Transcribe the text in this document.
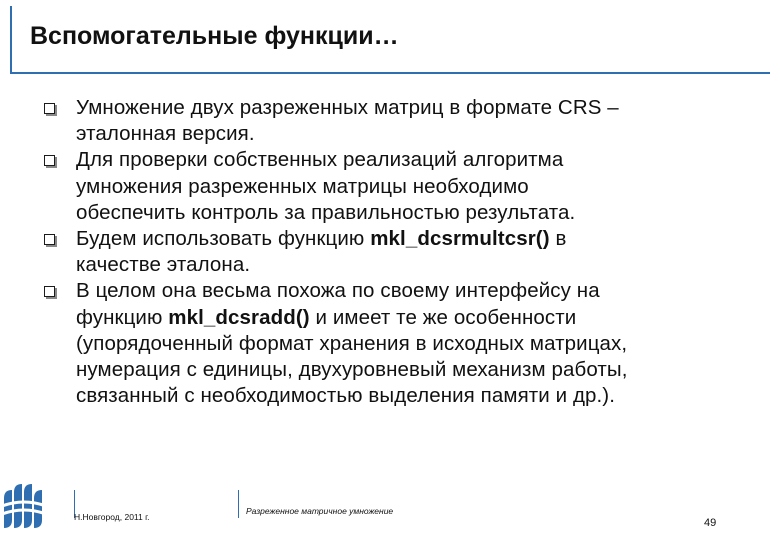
Вспомогательные функции…
Умножение двух разреженных матриц в формате CRS –
эталонная версия.
Для проверки собственных реализаций алгоритма
умножения разреженных матрицы необходимо
обеспечить контроль за правильностью результата.
Будем использовать функцию mkl_dcsrmultcsr() в
качестве эталона.
В целом она весьма похожа по своему интерфейсу на
функцию mkl_dcsradd() и имеет те же особенности
(упорядоченный формат хранения в исходных матрицах,
нумерация с единицы, двухуровневый механизм работы,
связанный с необходимостью выделения памяти и др.).
Н.Новгород, 2011 г.
Разреженное матричное умножение
49
